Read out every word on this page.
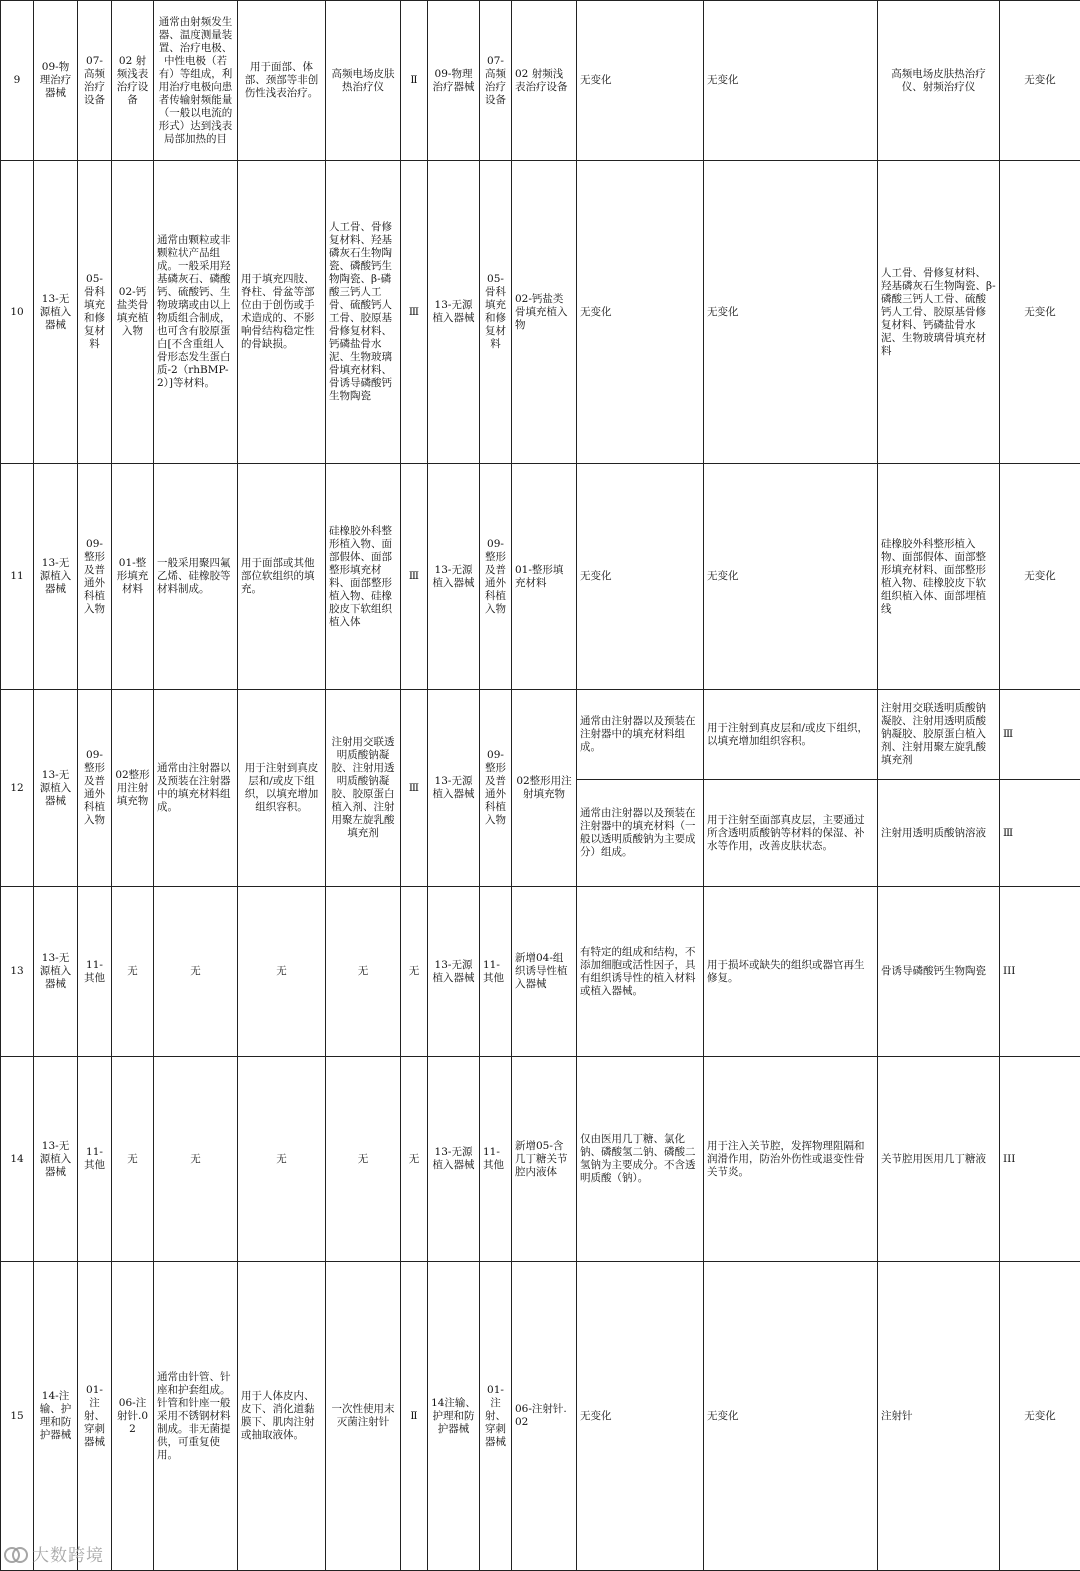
9	09-物理治疗器械	07-高频治疗设备	02 射频浅表治疗设备	通常由射频发生器、温度测量装置、治疗电极、中性电极（若有）等组成，利用治疗电极向患者传输射频能量（一般以电流的形式）达到浅表局部加热的目	用于面部、体部、颈部等非创伤性浅表治疗。	高频电场皮肤热治疗仪	Ⅱ	09-物理治疗器械	07-高频治疗设备	02 射频浅表治疗设备	无变化	无变化	高频电场皮肤热治疗仪、射频治疗仪	无变化
10	13-无源植入器械	05-骨科填充和修复材料	02-钙盐类骨填充植入物	通常由颗粒或非颗粒状产品组成。一般采用羟基磷灰石、磷酸钙、硫酸钙、生物玻璃或由以上物质组合制成，也可含有胶原蛋白[不含重组人骨形态发生蛋白质-2（rhBMP-2）]等材料。	用于填充四肢、脊柱、骨盆等部位由于创伤或手术造成的、不影响骨结构稳定性的骨缺损。	人工骨、骨修复材料、羟基磷灰石生物陶瓷、磷酸钙生物陶瓷、β-磷酸三钙人工骨、硫酸钙人工骨、胶原基骨修复材料、钙磷盐骨水泥、生物玻璃骨填充材料、骨诱导磷酸钙生物陶瓷	Ⅲ	13-无源植入器械	05-骨科填充和修复材料	02-钙盐类骨填充植入物	无变化	无变化	人工骨、骨修复材料、羟基磷灰石生物陶瓷、β-磷酸三钙人工骨、硫酸钙人工骨、胶原基骨修复材料、钙磷盐骨水泥、生物玻璃骨填充材料	无变化
11	13-无源植入器械	09-整形及普通外科植入物	01-整形填充材料	一般采用聚四氟乙烯、硅橡胶等材料制成。	用于面部或其他部位软组织的填充。	硅橡胶外科整形植入物、面部假体、面部整形填充材料、面部整形植入物、硅橡胶皮下软组织植入体	Ⅲ	13-无源植入器械	09-整形及普通外科植入物	01-整形填充材料	无变化	无变化	硅橡胶外科整形植入物、面部假体、面部整形填充材料、面部整形植入物、硅橡胶皮下软组织植入体、面部埋植线	无变化
12	13-无源植入器械	09-整形及普通外科植入物	02整形用注射填充物	通常由注射器以及预装在注射器中的填充材料组成。	用于注射到真皮层和/或皮下组织，以填充增加组织容积。	注射用交联透明质酸钠凝胶、注射用透明质酸钠凝胶、胶原蛋白植入剂、注射用聚左旋乳酸填充剂	Ⅲ	13-无源植入器械	09-整形及普通外科植入物	02整形用注射填充物	通常由注射器以及预装在注射器中的填充材料组成。	用于注射到真皮层和/或皮下组织，以填充增加组织容积。	注射用交联透明质酸钠凝胶、注射用透明质酸钠凝胶、胶原蛋白植入剂、注射用聚左旋乳酸填充剂	Ⅲ
											通常由注射器以及预装在注射器中的填充材料（一般以透明质酸钠为主要成分）组成。	用于注射至面部真皮层，主要通过所含透明质酸钠等材料的保湿、补水等作用，改善皮肤状态。	注射用透明质酸钠溶液	Ⅲ
13	13-无源植入器械	11-其他	无	无	无	无	无	13-无源植入器械	11-其他	新增04-组织诱导性植入器械	有特定的组成和结构，不添加细胞或活性因子，具有组织诱导性的植入材料或植入器械。	用于损坏或缺失的组织或器官再生修复。	骨诱导磷酸钙生物陶瓷	III
14	13-无源植入器械	11-其他	无	无	无	无	无	13-无源植入器械	11-其他	新增05-含几丁糖关节腔内液体	仅由医用几丁糖、氯化钠、磷酸氢二钠、磷酸二氢钠为主要成分。不含透明质酸（钠）。	用于注入关节腔，发挥物理阻隔和润滑作用，防治外伤性或退变性骨关节炎。	关节腔用医用几丁糖液	III
15	14-注输、护理和防护器械	01-注射、穿刺器械	06-注射针.02	通常由针管、针座和护套组成。针管和针座一般采用不锈钢材料制成。非无菌提供，可重复使用。	用于人体皮内、皮下、消化道黏膜下、肌肉注射或抽取液体。	一次性使用末灭菌注射针	Ⅱ	14注输、护理和防护器械	01-注射、穿刺器械	06-注射针.02	无变化	无变化	注射针	无变化
大数跨境
